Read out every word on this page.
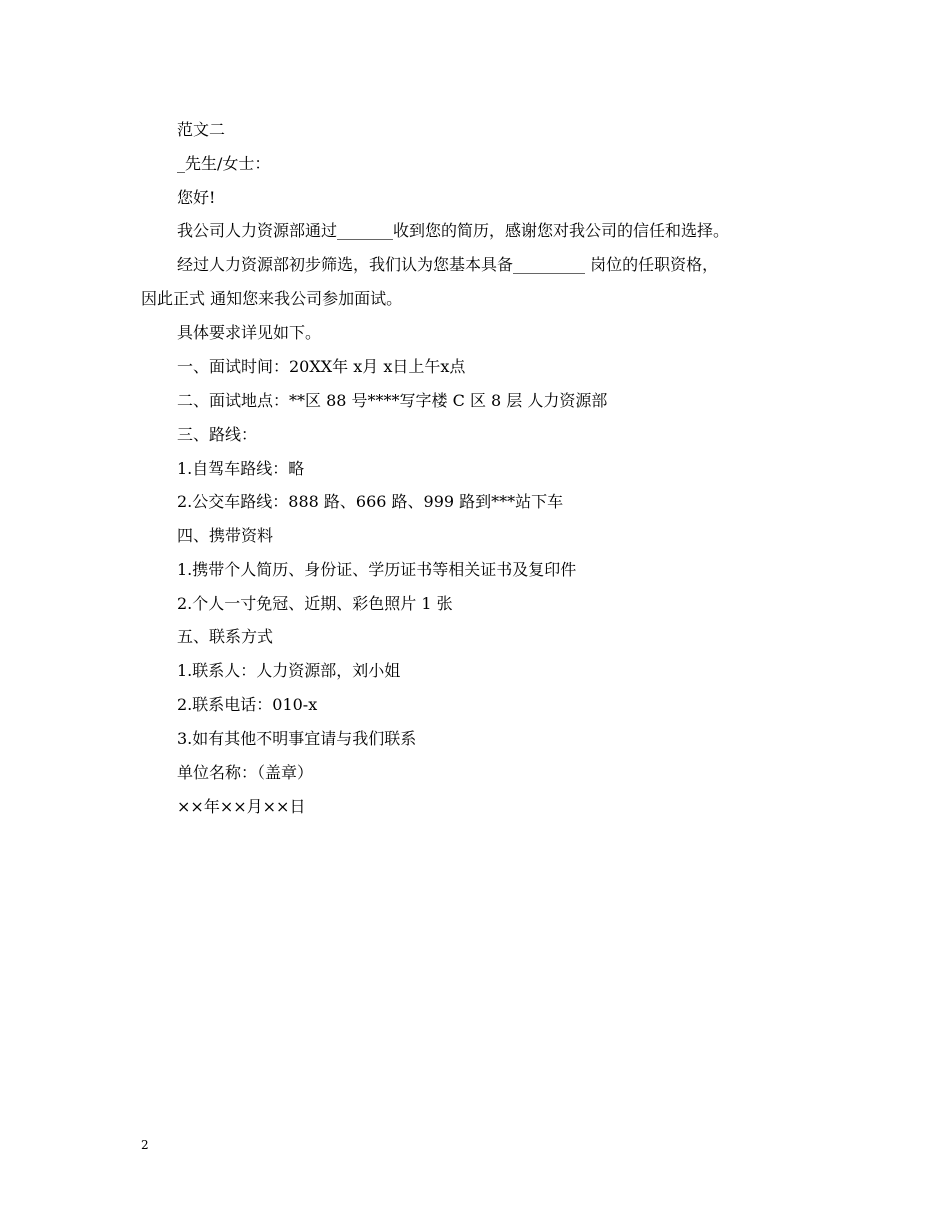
范文二
_先生/女士：
您好!
我公司人力资源部通过_______收到您的简历，感谢您对我公司的信任和选择。
经过人力资源部初步筛选，我们认为您基本具备_________ 岗位的任职资格，
因此正式 通知您来我公司参加面试。
具体要求详见如下。
一、面试时间：20XX年 x月 x日上午x点
二、面试地点：**区 88 号****写字楼 C 区 8 层 人力资源部
三、路线：
1.自驾车路线：略
2.公交车路线：888 路、666 路、999 路到***站下车
四、携带资料
1.携带个人简历、身份证、学历证书等相关证书及复印件
2.个人一寸免冠、近期、彩色照片 1 张
五、联系方式
1.联系人：人力资源部，刘小姐
2.联系电话：010-x
3.如有其他不明事宜请与我们联系
单位名称：（盖章）
××年××月××日
2
